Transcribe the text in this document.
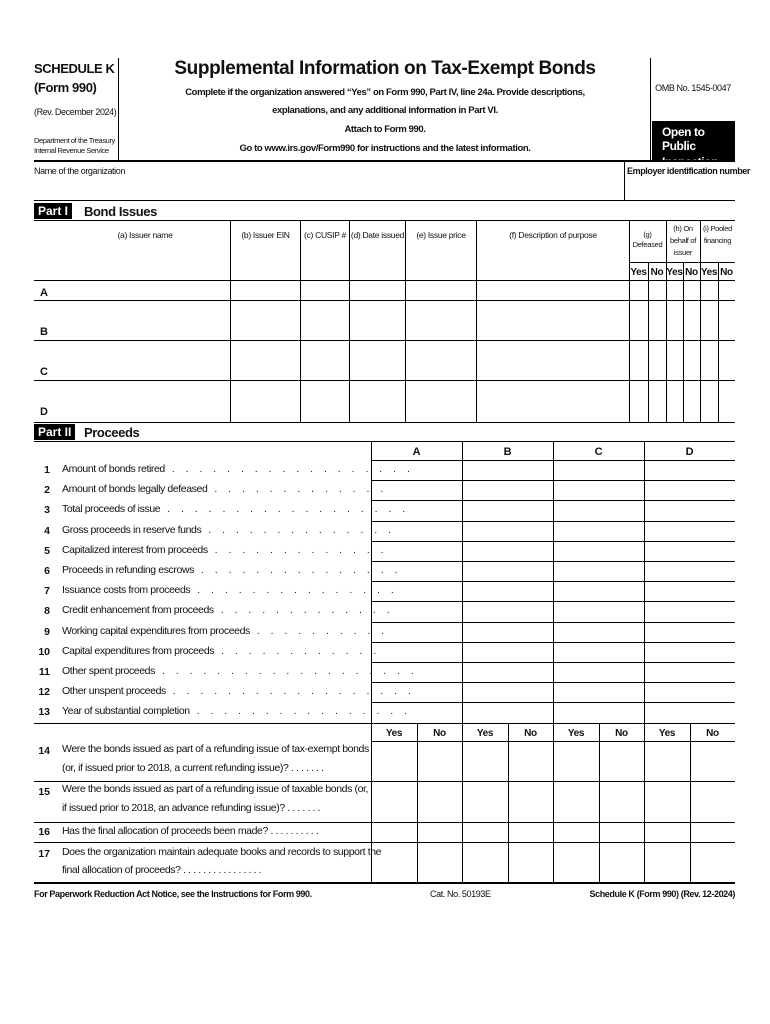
SCHEDULE K
(Form 990)
(Rev. December 2024)
Department of the Treasury
Internal Revenue Service
Supplemental Information on Tax-Exempt Bonds
Complete if the organization answered “Yes” on Form 990, Part IV, line 24a. Provide descriptions,
explanations, and any additional information in Part VI.
Attach to Form 990.
Go to www.irs.gov/Form990 for instructions and the latest information.
OMB No. 1545-0047
Open to Public
Inspection
Name of the organization	Employer identification number
Part I	Bond Issues
(a) Issuer name	(b) Issuer EIN	(c) CUSIP # (d) Date issued	(e) Issue price	(f) Description of purpose	(g) Defeased
(h) On
behalf of
issuer
(i) Pooled
financing
Yes No Yes No Yes No
A
B
C
D
Part II Proceeds
A	B	C	D
1 Amount of bonds retired . . . . . . . . . . . . . . . . . .
2 Amount of bonds legally defeased . . . . . . . . . . . . .
3 Total proceeds of issue . . . . . . . . . . . . . . . . . .
4 Gross proceeds in reserve funds . . . . . . . . . . . . . .
5 Capitalized interest from proceeds . . . . . . . . . . . . .
6 Proceeds in refunding escrows . . . . . . . . . . . . . . .
7 Issuance costs from proceeds . . . . . . . . . . . . . . .
8 Credit enhancement from proceeds . . . . . . . . . . . . .
9 Working capital expenditures from proceeds . . . . . . . . . .
10 Capital expenditures from proceeds . . . . . . . . . . . .
11 Other spent proceeds . . . . . . . . . . . . . . . . . . .
12 Other unspent proceeds . . . . . . . . . . . . . . . . . .
13 Year of substantial completion . . . . . . . . . . . . . . . .
Yes	No	Yes	No	Yes	No	Yes	No
14 Were the bonds issued as part of a refunding issue of tax-exempt bonds
(or, if issued prior to 2018, a current refunding issue)? . . . . . . .
15 Were the bonds issued as part of a refunding issue of taxable bonds (or,
if issued prior to 2018, an advance refunding issue)? . . . . . . .
16 Has the final allocation of proceeds been made? . . . . . . . . . .
17 Does the organization maintain adequate books and records to support the
final allocation of proceeds? . . . . . . . . . . . . . . . .
For Paperwork Reduction Act Notice, see the Instructions for Form 990.	Cat. No. 50193E	Schedule K (Form 990) (Rev. 12-2024)
